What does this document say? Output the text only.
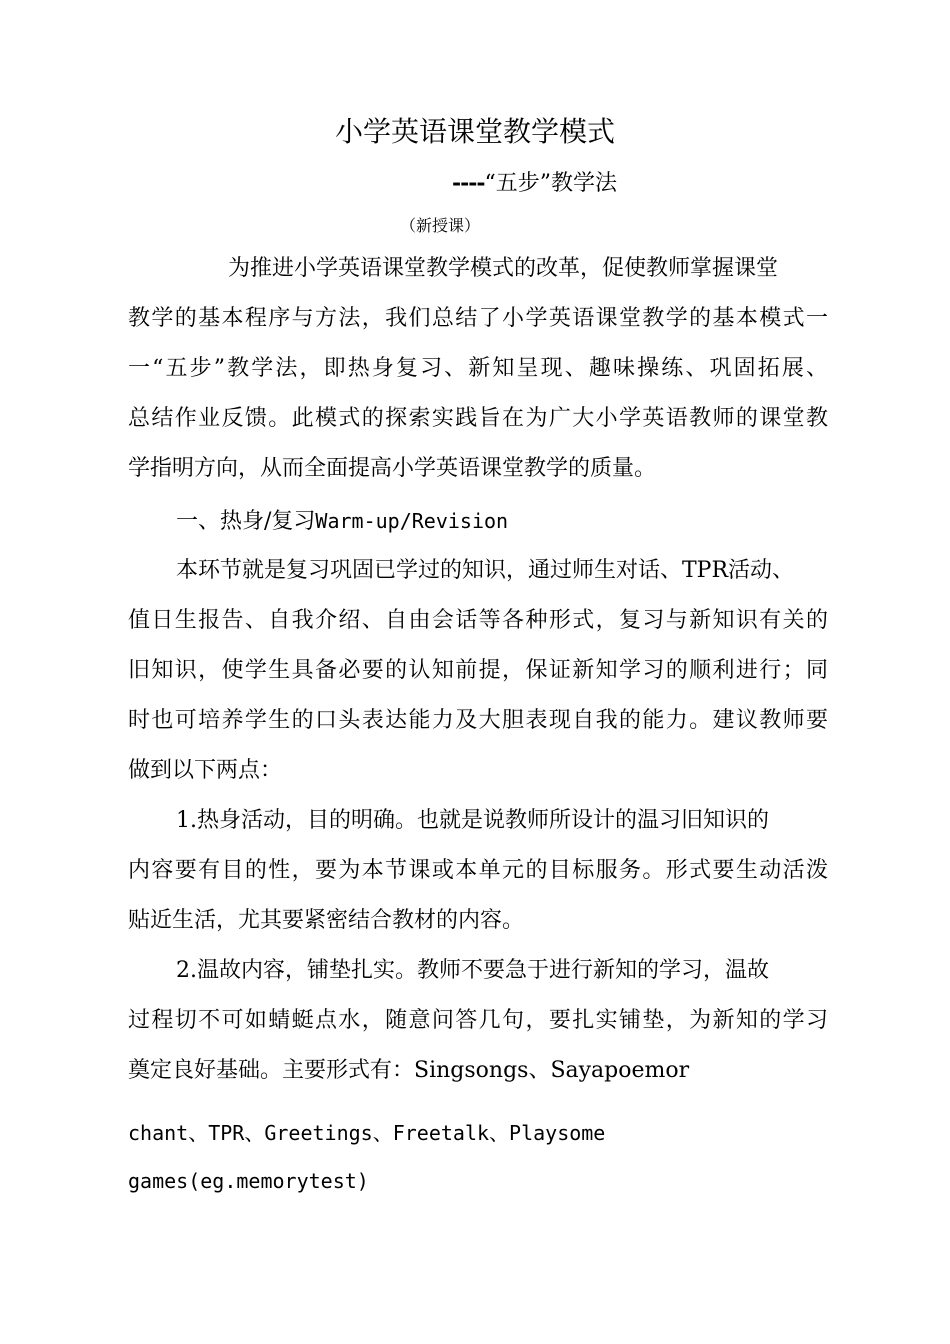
小学英语课堂教学模式
----“五步”教学法
（新授课）
为推进小学英语课堂教学模式的改革，促使教师掌握课堂
教学的基本程序与方法，我们总结了小学英语课堂教学的基本模式一
一“五步”教学法，即热身复习、新知呈现、趣味操练、巩固拓展、
总结作业反馈。此模式的探索实践旨在为广大小学英语教师的课堂教
学指明方向，从而全面提高小学英语课堂教学的质量。
一、热身/复习Warm-up/Revision
本环节就是复习巩固已学过的知识，通过师生对话、TPR活动、
值日生报告、自我介绍、自由会话等各种形式，复习与新知识有关的
旧知识，使学生具备必要的认知前提，保证新知学习的顺利进行；同
时也可培养学生的口头表达能力及大胆表现自我的能力。建议教师要
做到以下两点：
1.热身活动，目的明确。也就是说教师所设计的温习旧知识的
内容要有目的性，要为本节课或本单元的目标服务。形式要生动活泼
贴近生活，尤其要紧密结合教材的内容。
2.温故内容，铺垫扎实。教师不要急于进行新知的学习，温故
过程切不可如蜻蜓点水，随意问答几句，要扎实铺垫，为新知的学习
奠定良好基础。主要形式有：Singsongs、Sayapoemor
chant、TPR、Greetings、Freetalk、Playsome
games(eg.memorytest)
